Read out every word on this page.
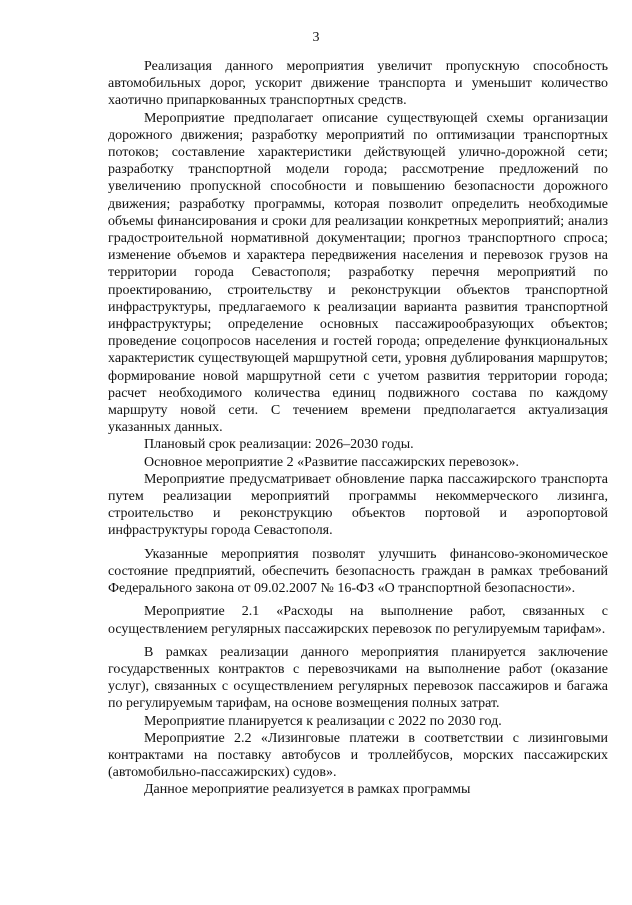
3

Реализация данного мероприятия увеличит пропускную способность автомобильных дорог, ускорит движение транспорта и уменьшит количество хаотично припаркованных транспортных средств.

Мероприятие предполагает описание существующей схемы организации дорожного движения; разработку мероприятий по оптимизации транспортных потоков; составление характеристики действующей улично-дорожной сети; разработку транспортной модели города; рассмотрение предложений по увеличению пропускной способности и повышению безопасности дорожного движения; разработку программы, которая позволит определить необходимые объемы финансирования и сроки для реализации конкретных мероприятий; анализ градостроительной нормативной документации; прогноз транспортного спроса; изменение объемов и характера передвижения населения и перевозок грузов на территории города Севастополя; разработку перечня мероприятий по проектированию, строительству и реконструкции объектов транспортной инфраструктуры, предлагаемого к реализации варианта развития транспортной инфраструктуры; определение основных пассажирообразующих объектов; проведение соцопросов населения и гостей города; определение функциональных характеристик существующей маршрутной сети, уровня дублирования маршрутов; формирование новой маршрутной сети с учетом развития территории города; расчет необходимого количества единиц подвижного состава по каждому маршруту новой сети. С течением времени предполагается актуализация указанных данных.

Плановый срок реализации: 2026–2030 годы.

Основное мероприятие 2 «Развитие пассажирских перевозок».

Мероприятие предусматривает обновление парка пассажирского транспорта путем реализации мероприятий программы некоммерческого лизинга, строительство и реконструкцию объектов портовой и аэропортовой инфраструктуры города Севастополя.

Указанные мероприятия позволят улучшить финансово-экономическое состояние предприятий, обеспечить безопасность граждан в рамках требований Федерального закона от 09.02.2007 № 16-ФЗ «О транспортной безопасности».

Мероприятие 2.1 «Расходы на выполнение работ, связанных с осуществлением регулярных пассажирских перевозок по регулируемым тарифам».

В рамках реализации данного мероприятия планируется заключение государственных контрактов с перевозчиками на выполнение работ (оказание услуг), связанных с осуществлением регулярных перевозок пассажиров и багажа по регулируемым тарифам, на основе возмещения полных затрат.

Мероприятие планируется к реализации с 2022 по 2030 год.

Мероприятие 2.2 «Лизинговые платежи в соответствии с лизинговыми контрактами на поставку автобусов и троллейбусов, морских пассажирских (автомобильно-пассажирских) судов».

Данное мероприятие реализуется в рамках программы
